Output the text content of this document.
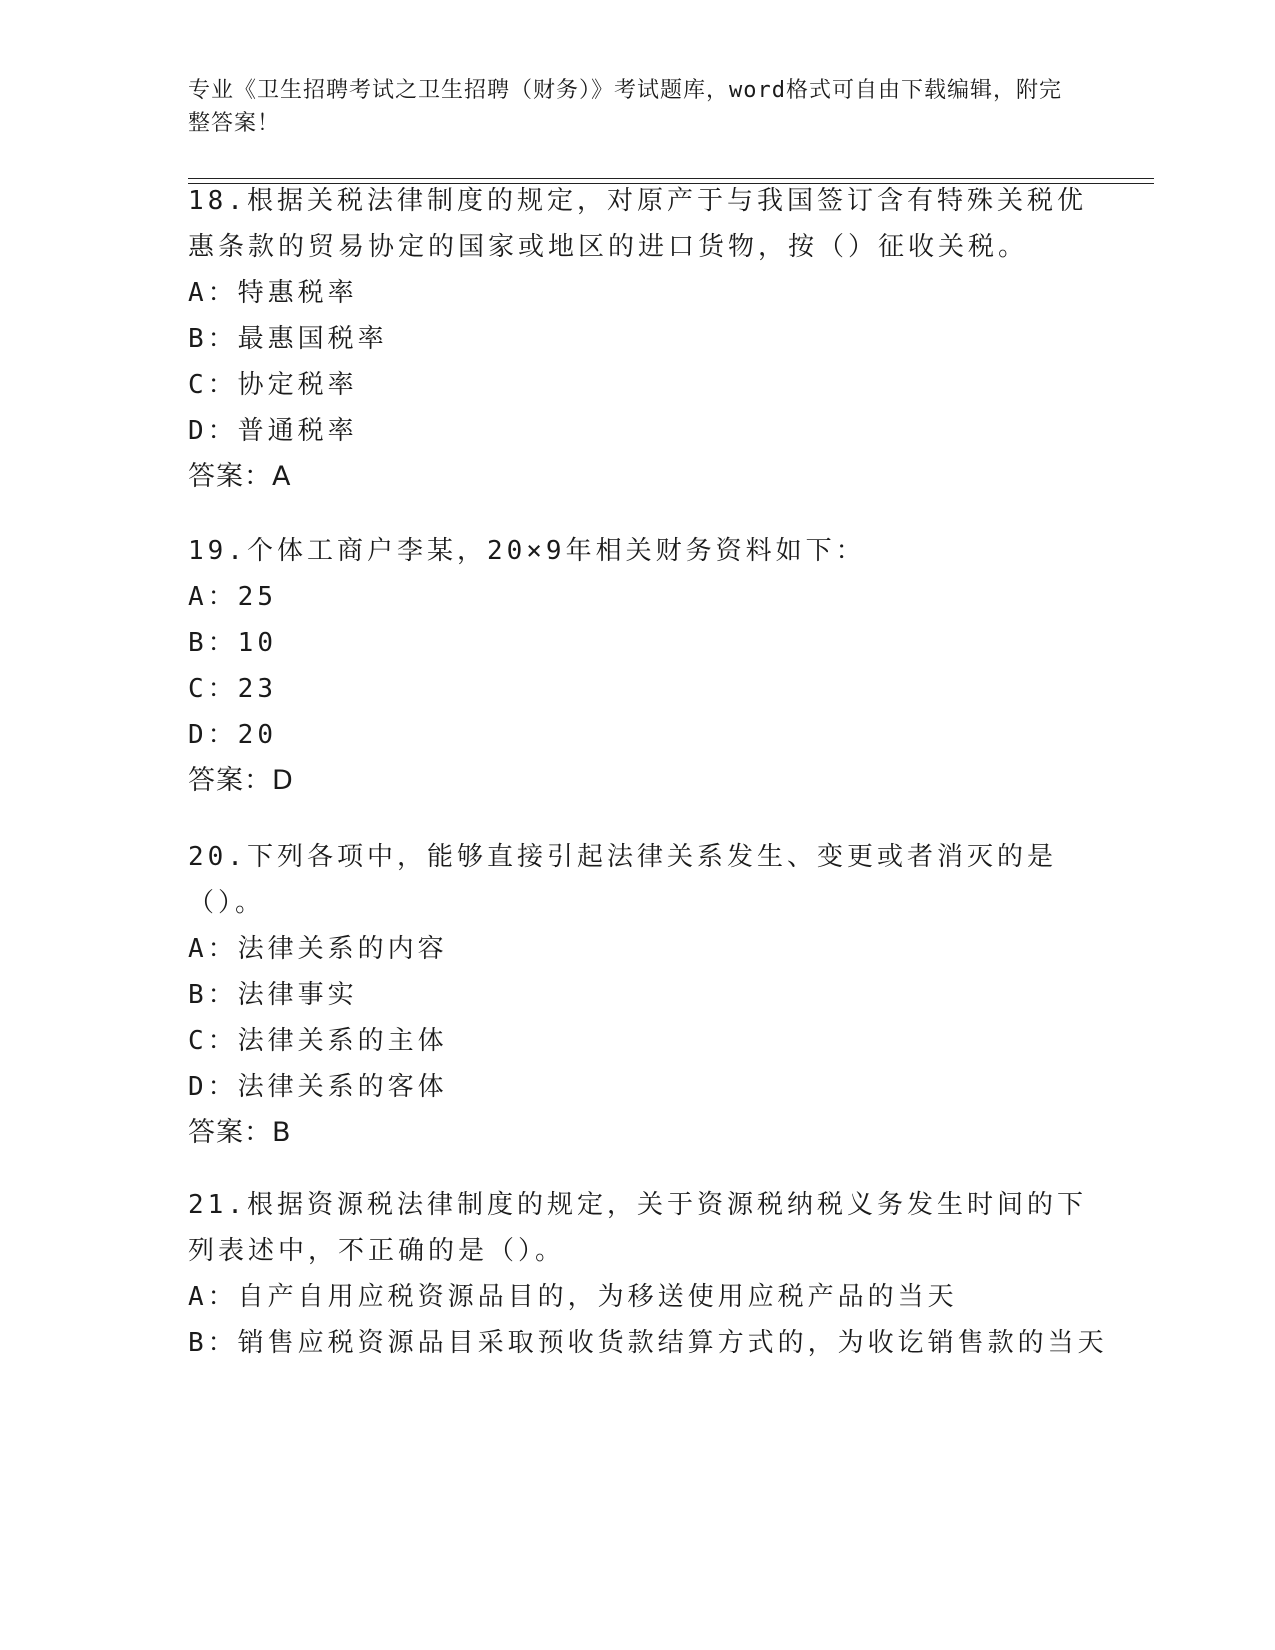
专业《卫生招聘考试之卫生招聘（财务）》考试题库，word格式可自由下载编辑，附完整答案！

18.根据关税法律制度的规定，对原产于与我国签订含有特殊关税优惠条款的贸易协定的国家或地区的进口货物，按（）征收关税。

A ： 特惠税率
B ： 最惠国税率
C ： 协定税率
D ： 普通税率
答案 ： A

19.个体工商户李某，20×9年相关财务资料如下：

A ： 25
B ： 10
C ： 23
D ： 20
答案 ： D

20.下列各项中，能够直接引起法律关系发生、变更或者消灭的是（）。

A ： 法律关系的内容
B ： 法律事实
C ： 法律关系的主体
D ： 法律关系的客体
答案 ： B

21.根据资源税法律制度的规定，关于资源税纳税义务发生时间的下列表述中，不正确的是（）。

A ： 自产自用应税资源品目的，为移送使用应税产品的当天
B ： 销售应税资源品目采取预收货款结算方式的，为收讫销售款的当天
